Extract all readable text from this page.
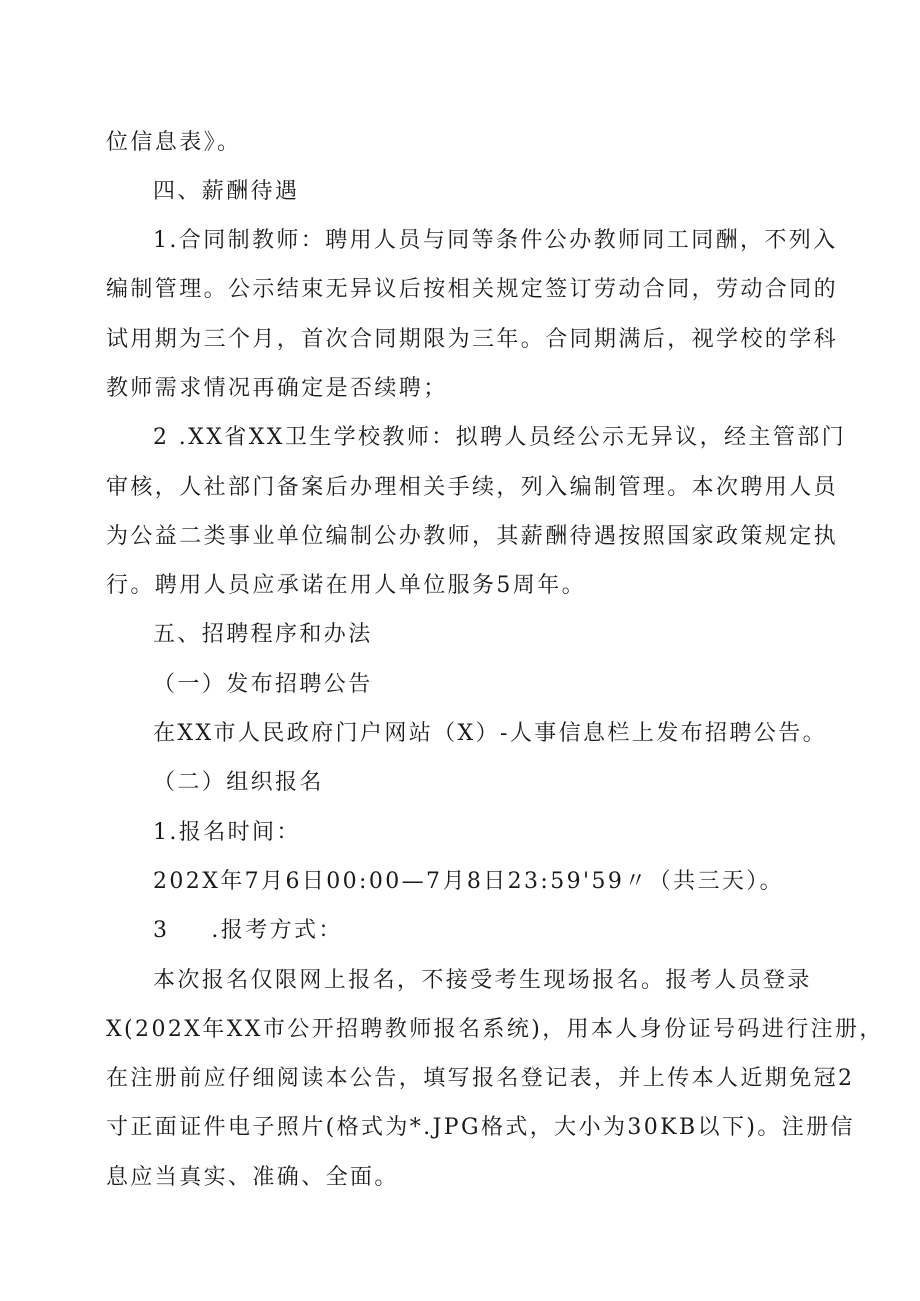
位信息表》。
四、薪酬待遇
1.合同制教师：聘用人员与同等条件公办教师同工同酬，不列入
编制管理。公示结束无异议后按相关规定签订劳动合同，劳动合同的
试用期为三个月，首次合同期限为三年。合同期满后，视学校的学科
教师需求情况再确定是否续聘；
2 .XX省XX卫生学校教师：拟聘人员经公示无异议，经主管部门
审核，人社部门备案后办理相关手续，列入编制管理。本次聘用人员
为公益二类事业单位编制公办教师，其薪酬待遇按照国家政策规定执
行。聘用人员应承诺在用人单位服务5周年。
五、招聘程序和办法
（一）发布招聘公告
在XX市人民政府门户网站（X）-人事信息栏上发布招聘公告。
（二）组织报名
1.报名时间：
202X年7月6日00:00—7月8日23:59'59〃（共三天）。
3 .报考方式：
本次报名仅限网上报名，不接受考生现场报名。报考人员登录
X(202X年XX市公开招聘教师报名系统)，用本人身份证号码进行注册，
在注册前应仔细阅读本公告，填写报名登记表，并上传本人近期免冠2
寸正面证件电子照片(格式为*.JPG格式，大小为30KB以下)。注册信
息应当真实、准确、全面。
